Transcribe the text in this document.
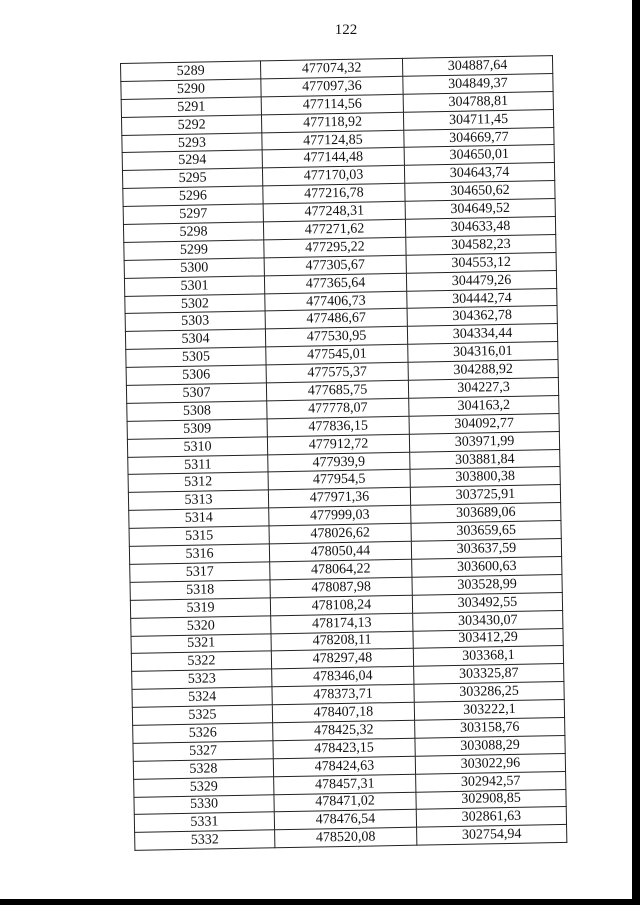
122
5289	477074,32	304887,64
5290	477097,36	304849,37
5291	477114,56	304788,81
5292	477118,92	304711,45
5293	477124,85	304669,77
5294	477144,48	304650,01
5295	477170,03	304643,74
5296	477216,78	304650,62
5297	477248,31	304649,52
5298	477271,62	304633,48
5299	477295,22	304582,23
5300	477305,67	304553,12
5301	477365,64	304479,26
5302	477406,73	304442,74
5303	477486,67	304362,78
5304	477530,95	304334,44
5305	477545,01	304316,01
5306	477575,37	304288,92
5307	477685,75	304227,3
5308	477778,07	304163,2
5309	477836,15	304092,77
5310	477912,72	303971,99
5311	477939,9	303881,84
5312	477954,5	303800,38
5313	477971,36	303725,91
5314	477999,03	303689,06
5315	478026,62	303659,65
5316	478050,44	303637,59
5317	478064,22	303600,63
5318	478087,98	303528,99
5319	478108,24	303492,55
5320	478174,13	303430,07
5321	478208,11	303412,29
5322	478297,48	303368,1
5323	478346,04	303325,87
5324	478373,71	303286,25
5325	478407,18	303222,1
5326	478425,32	303158,76
5327	478423,15	303088,29
5328	478424,63	303022,96
5329	478457,31	302942,57
5330	478471,02	302908,85
5331	478476,54	302861,63
5332	478520,08	302754,94
